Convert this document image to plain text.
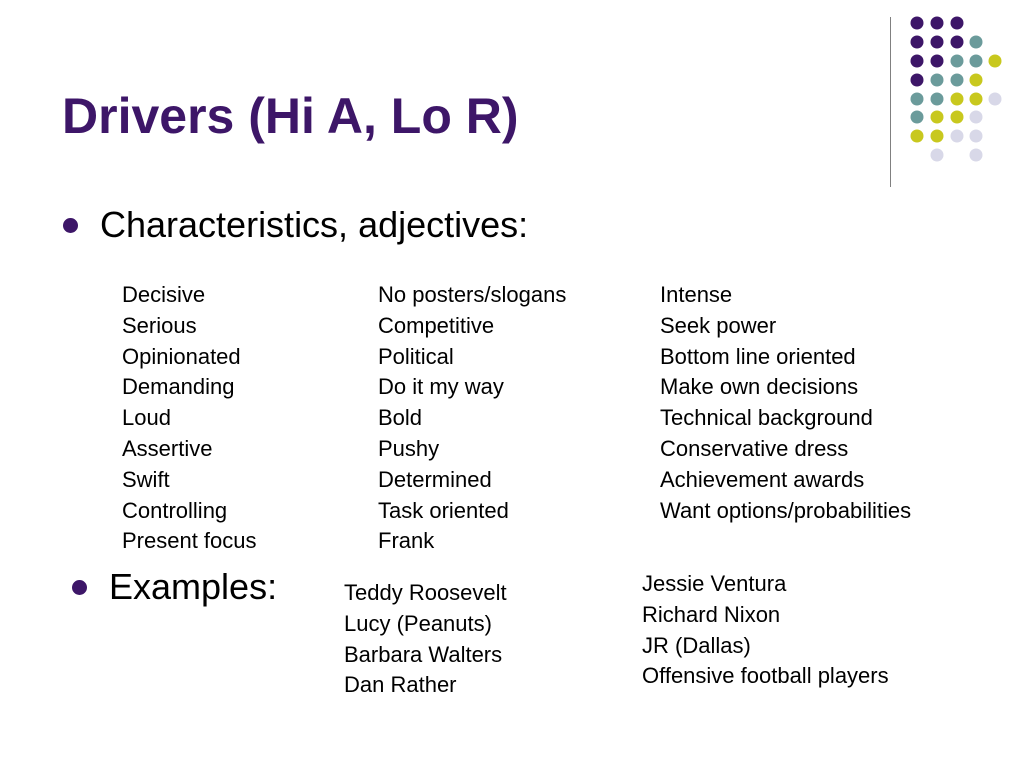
Drivers (Hi A, Lo R)
Characteristics, adjectives:
Decisive
Serious
Opinionated
Demanding
Loud
Assertive
Swift
Controlling
Present focus
No posters/slogans
Competitive
Political
Do it my way
Bold
Pushy
Determined
Task oriented
Frank
Intense
Seek power
Bottom line oriented
Make own decisions
Technical background
Conservative dress
Achievement awards
Want options/probabilities
Examples:	Teddy Roosevelt
Lucy (Peanuts)
Barbara Walters
Dan Rather
Jessie Ventura
Richard Nixon
JR (Dallas)
Offensive football players
